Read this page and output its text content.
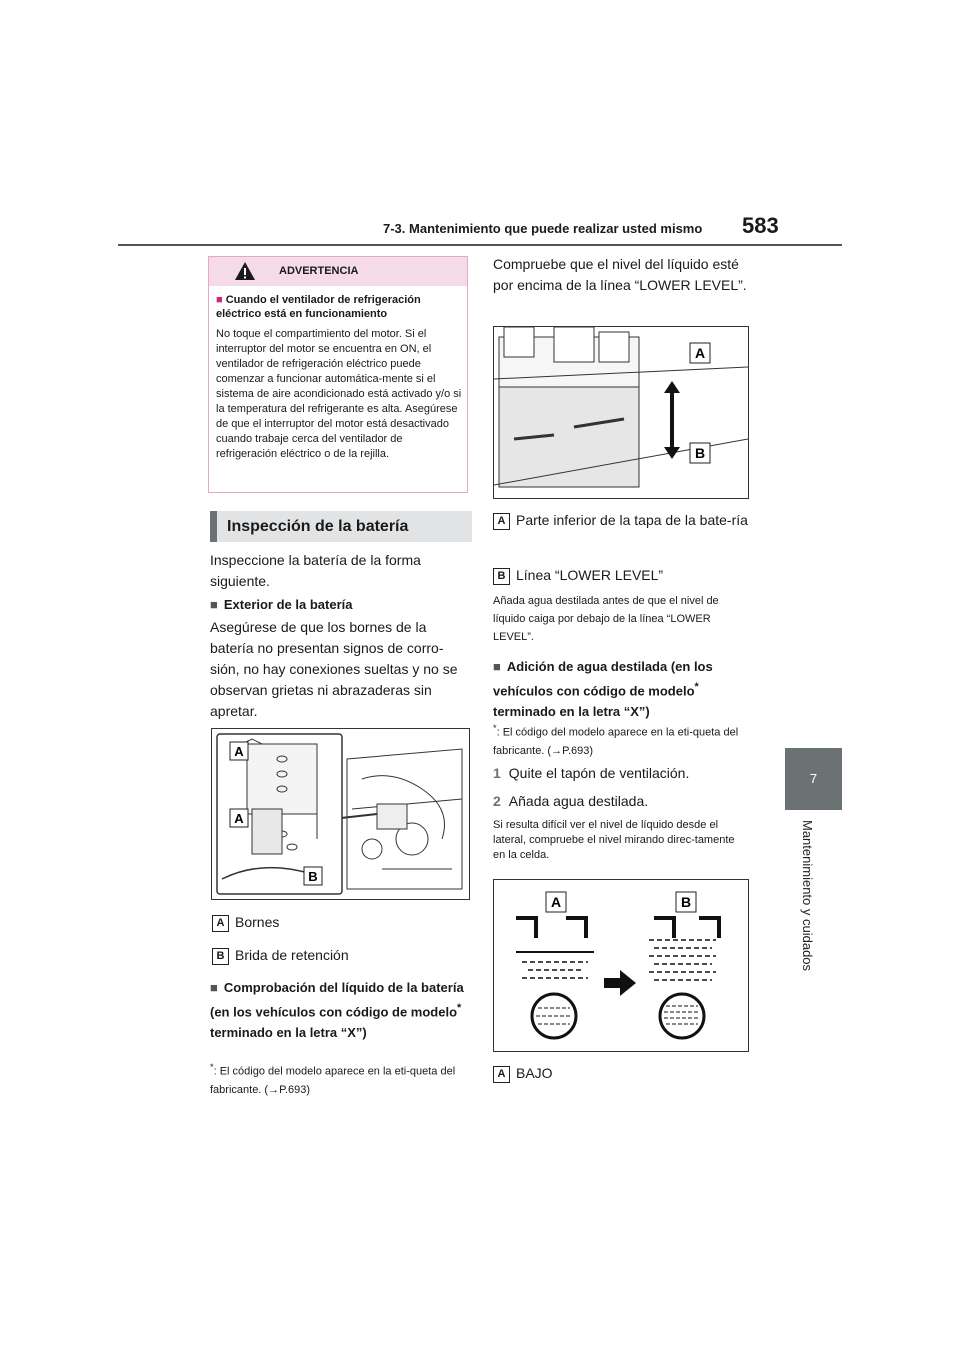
7-3. Mantenimiento que puede realizar usted mismo 583
7
Mantenimiento y cuidados
ADVERTENCIA
■ Cuando el ventilador de refrigeración eléctrico está en funcionamiento
No toque el compartimiento del motor. Si el interruptor del motor se encuentra en ON, el ventilador de refrigeración eléctrico puede comenzar a funcionar automática-mente si el sistema de aire acondicionado está activado y/o si la temperatura del refrigerante es alta. Asegúrese de que el interruptor del motor está desactivado cuando trabaje cerca del ventilador de refrigeración eléctrico o de la rejilla.
Inspección de la batería
Inspeccione la batería de la forma siguiente.
■ Exterior de la batería
Asegúrese de que los bornes de la batería no presentan signos de corro-sión, no hay conexiones sueltas y no se observan grietas ni abrazaderas sin apretar.
A
A
B
A Bornes
B Brida de retención
■ Comprobación del líquido de la batería (en los vehículos con código de modelo* terminado en la letra “X”)
*: El código del modelo aparece en la eti-queta del fabricante. (→P.693)
Compruebe que el nivel del líquido esté por encima de la línea “LOWER LEVEL”.
A
B
A Parte inferior de la tapa de la bate-ría
B Línea “LOWER LEVEL”
Añada agua destilada antes de que el nivel de líquido caiga por debajo de la línea “LOWER LEVEL”.
■ Adición de agua destilada (en los vehículos con código de modelo* terminado en la letra “X”)
*: El código del modelo aparece en la eti-queta del fabricante. (→P.693)
1 Quite el tapón de ventilación.
2 Añada agua destilada.
Si resulta difícil ver el nivel de líquido desde el lateral, compruebe el nivel mirando direc-tamente en la celda.
A	B
A BAJO
